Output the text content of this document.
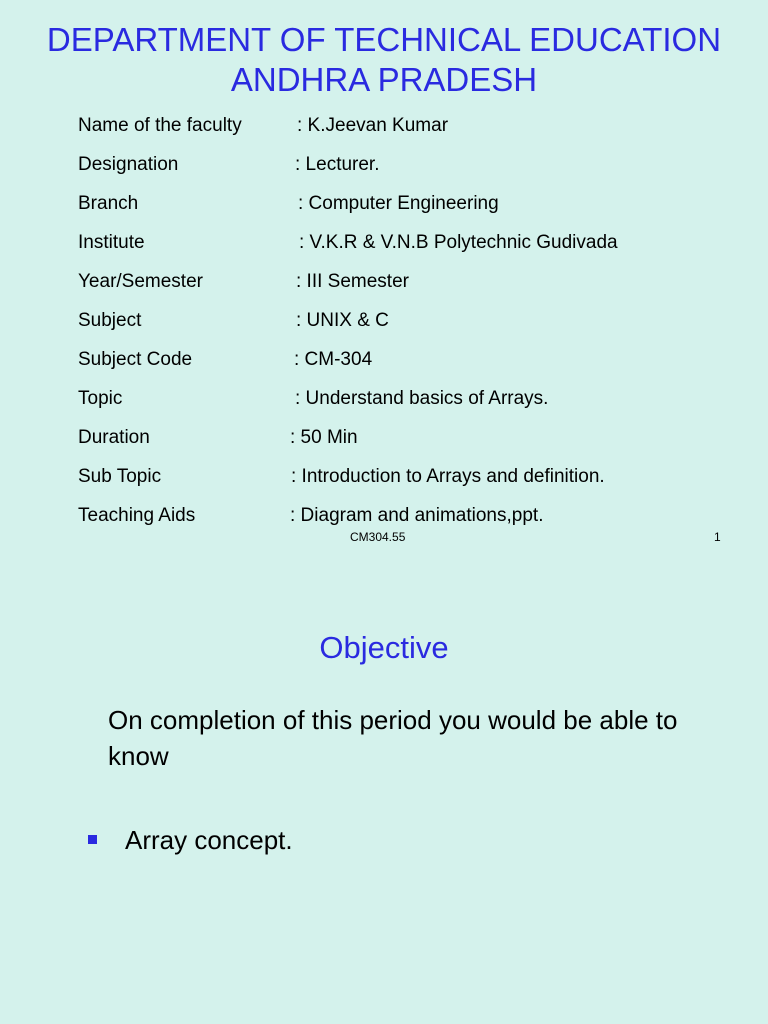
DEPARTMENT OF TECHNICAL EDUCATION
ANDHRA PRADESH
Name of the faculty	: K.Jeevan Kumar
Designation	: Lecturer.
Branch	: Computer Engineering
Institute	: V.K.R & V.N.B Polytechnic Gudivada
Year/Semester	: III Semester
Subject	: UNIX & C
Subject Code	: CM-304
Topic	: Understand basics of Arrays.
Duration	: 50 Min
Sub Topic	: Introduction to Arrays and definition.
Teaching Aids	: Diagram and animations,ppt.
CM304.55	1
Objective

On completion of this period you would be able to know

Array concept.
